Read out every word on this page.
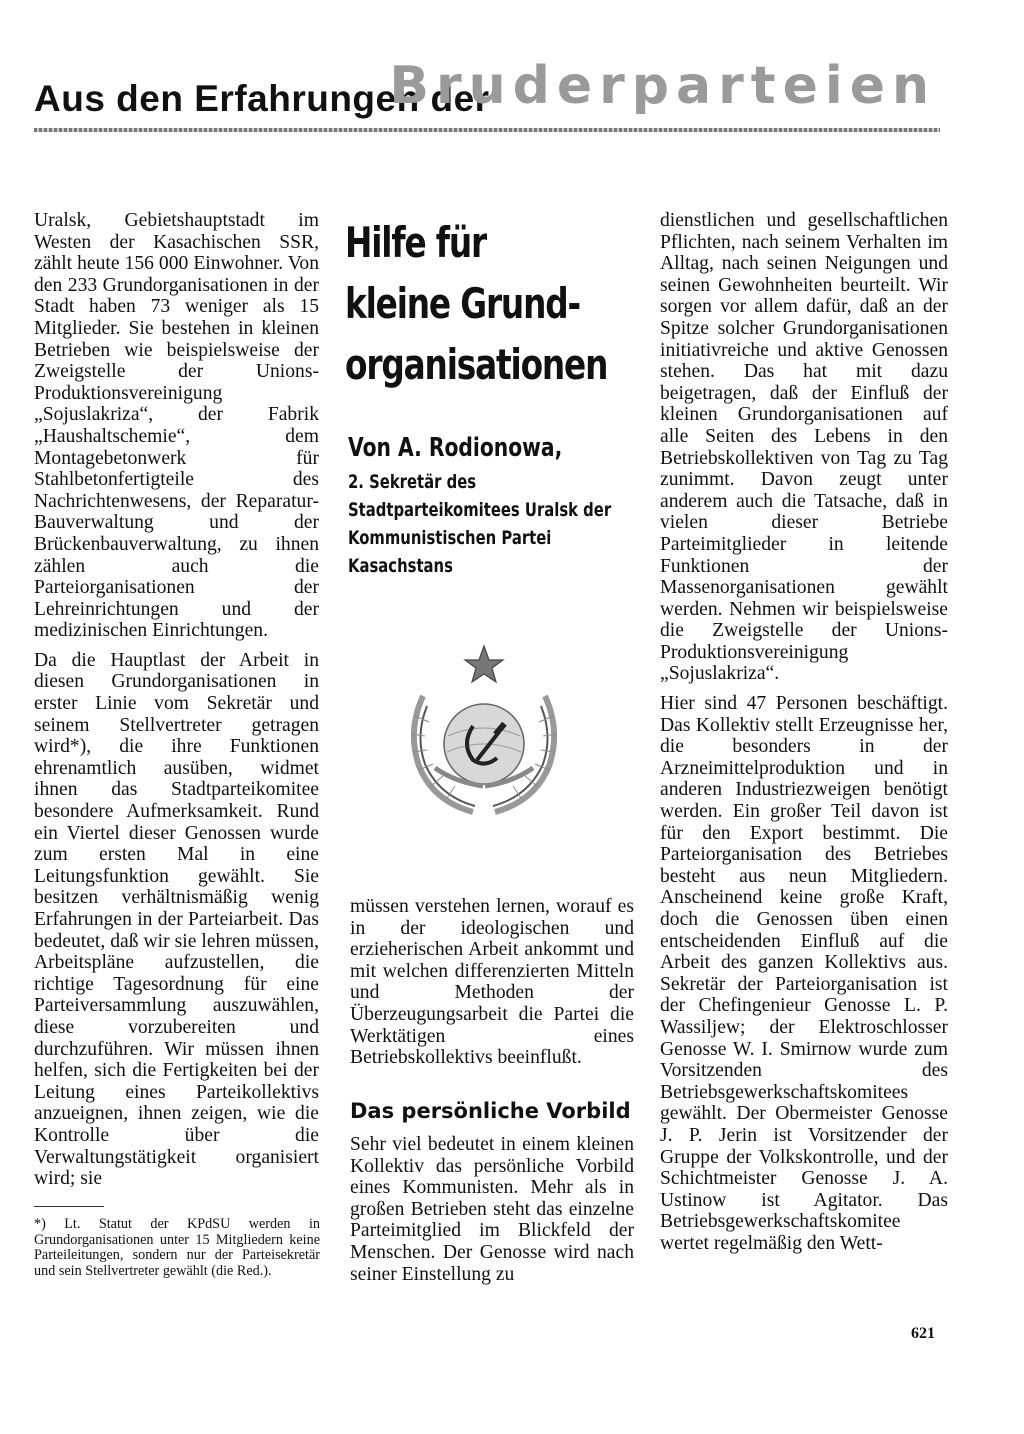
Aus den Erfahrungen der
Bruderparteien

Uralsk, Gebietshauptstadt im Westen der Kasachischen SSR, zählt heute 156 000 Einwohner. Von den 233 Grundorganisationen in der Stadt haben 73 weniger als 15 Mitglieder. Sie bestehen in kleinen Betrieben wie beispielsweise der Zweigstelle der Unions-Produktionsvereinigung „Sojuslakriza“, der Fabrik „Haushaltschemie“, dem Montagebetonwerk für Stahlbetonfertigteile des Nachrichtenwesens, der Reparatur-Bauverwaltung und der Brückenbauverwaltung, zu ihnen zählen auch die Parteiorganisationen der Lehreinrichtungen und der medizinischen Einrichtungen.

Da die Hauptlast der Arbeit in diesen Grundorganisationen in erster Linie vom Sekretär und seinem Stellvertreter getragen wird*), die ihre Funktionen ehrenamtlich ausüben, widmet ihnen das Stadtparteikomitee besondere Aufmerksamkeit. Rund ein Viertel dieser Genossen wurde zum ersten Mal in eine Leitungsfunktion gewählt. Sie besitzen verhältnismäßig wenig Erfahrungen in der Parteiarbeit. Das bedeutet, daß wir sie lehren müssen, Arbeitspläne aufzustellen, die richtige Tagesordnung für eine Parteiversammlung auszuwählen, diese vorzubereiten und durchzuführen. Wir müssen ihnen helfen, sich die Fertigkeiten bei der Leitung eines Parteikollektivs anzueignen, ihnen zeigen, wie die Kontrolle über die Verwaltungstätigkeit organisiert wird; sie

*) Lt. Statut der KPdSU werden in Grundorganisationen unter 15 Mitgliedern keine Parteileitungen, sondern nur der Parteisekretär und sein Stellvertreter gewählt (die Red.).
Hilfe für
kleine Grund-
organisationen
Von A. Rodionowa,
2. Sekretär des
Stadtparteikomitees Uralsk der
Kommunistischen Partei Kasachstans

müssen verstehen lernen, worauf es in der ideologischen und erzieherischen Arbeit ankommt und mit welchen differenzierten Mitteln und Methoden der Überzeugungsarbeit die Partei die Werktätigen eines Betriebskollektivs beeinflußt.

Das persönliche Vorbild

Sehr viel bedeutet in einem kleinen Kollektiv das persönliche Vorbild eines Kommunisten. Mehr als in großen Betrieben steht das einzelne Parteimitglied im Blickfeld der Menschen. Der Genosse wird nach seiner Einstellung zu

dienstlichen und gesellschaftlichen Pflichten, nach seinem Verhalten im Alltag, nach seinen Neigungen und seinen Gewohnheiten beurteilt. Wir sorgen vor allem dafür, daß an der Spitze solcher Grundorganisationen initiativreiche und aktive Genossen stehen. Das hat mit dazu beigetragen, daß der Einfluß der kleinen Grundorganisationen auf alle Seiten des Lebens in den Betriebskollektiven von Tag zu Tag zunimmt. Davon zeugt unter anderem auch die Tatsache, daß in vielen dieser Betriebe Parteimitglieder in leitende Funktionen der Massenorganisationen gewählt werden. Nehmen wir beispielsweise die Zweigstelle der Unions-Produktionsvereinigung „Sojuslakriza“.

Hier sind 47 Personen beschäftigt. Das Kollektiv stellt Erzeugnisse her, die besonders in der Arzneimittelproduktion und in anderen Industriezweigen benötigt werden. Ein großer Teil davon ist für den Export bestimmt. Die Parteiorganisation des Betriebes besteht aus neun Mitgliedern. Anscheinend keine große Kraft, doch die Genossen üben einen entscheidenden Einfluß auf die Arbeit des ganzen Kollektivs aus. Sekretär der Parteiorganisation ist der Chefingenieur Genosse L. P. Wassiljew; der Elektroschlosser Genosse W. I. Smirnow wurde zum Vorsitzenden des Betriebsgewerkschaftskomitees gewählt. Der Obermeister Genosse J. P. Jerin ist Vorsitzender der Gruppe der Volkskontrolle, und der Schichtmeister Genosse J. A. Ustinow ist Agitator. Das Betriebsgewerkschaftskomitee wertet regelmäßig den Wett-

621
